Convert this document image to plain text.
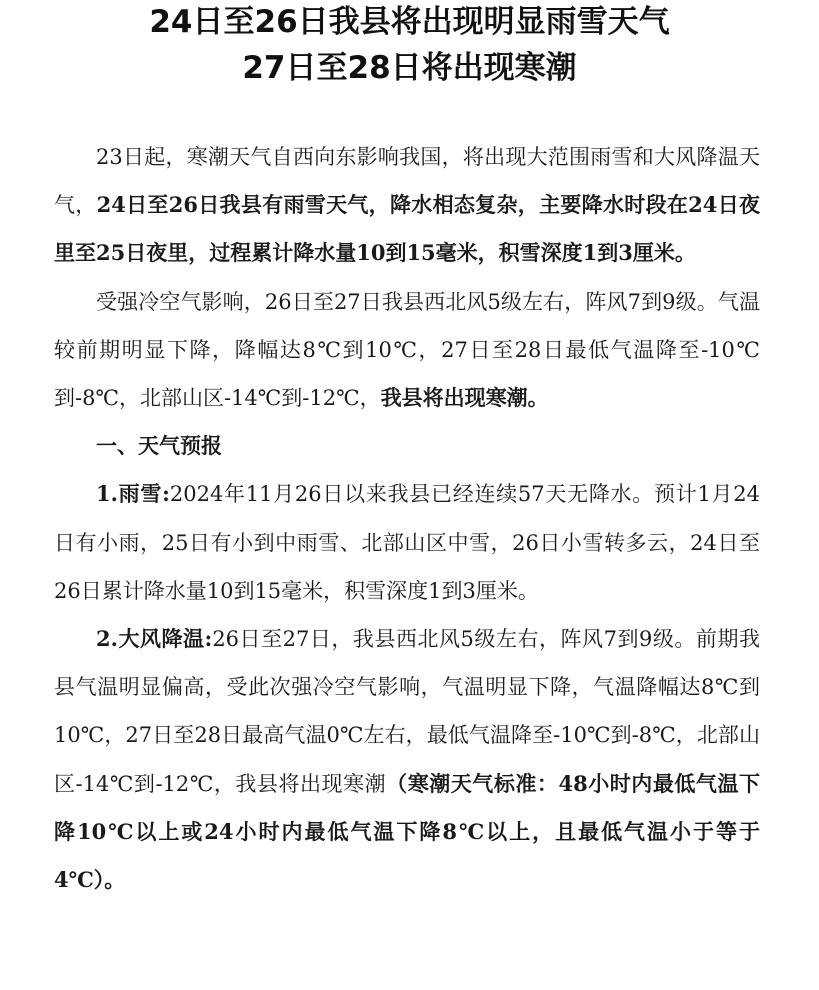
24日至26日我县将出现明显雨雪天气
27日至28日将出现寒潮

23日起，寒潮天气自西向东影响我国，将出现大范围雨雪和大风降温天气，24日至26日我县有雨雪天气，降水相态复杂，主要降水时段在24日夜里至25日夜里，过程累计降水量10到15毫米，积雪深度1到3厘米。

受强冷空气影响，26日至27日我县西北风5级左右，阵风7到9级。气温较前期明显下降，降幅达8℃到10℃，27日至28日最低气温降至-10℃到-8℃，北部山区-14℃到-12℃，我县将出现寒潮。

一、天气预报

1.雨雪:2024年11月26日以来我县已经连续57天无降水。预计1月24日有小雨，25日有小到中雨雪、北部山区中雪，26日小雪转多云，24日至26日累计降水量10到15毫米，积雪深度1到3厘米。

2.大风降温:26日至27日，我县西北风5级左右，阵风7到9级。前期我县气温明显偏高，受此次强冷空气影响，气温明显下降，气温降幅达8℃到10℃，27日至28日最高气温0℃左右，最低气温降至-10℃到-8℃，北部山区-14℃到-12℃，我县将出现寒潮（寒潮天气标准：48小时内最低气温下降10℃以上或24小时内最低气温下降8℃以上，且最低气温小于等于4℃）。
